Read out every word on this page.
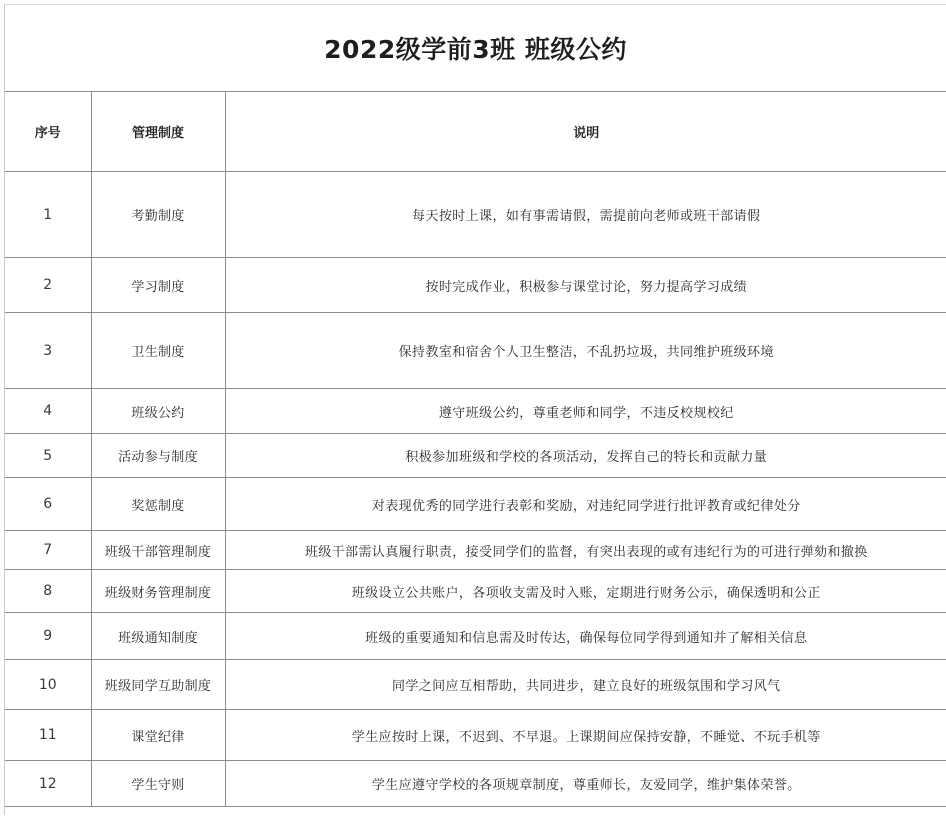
2022级学前3班 班级公约
序号	管理制度	说明
1	考勤制度	每天按时上课，如有事需请假，需提前向老师或班干部请假
2	学习制度	按时完成作业，积极参与课堂讨论，努力提高学习成绩
3	卫生制度	保持教室和宿舍个人卫生整洁，不乱扔垃圾，共同维护班级环境
4	班级公约	遵守班级公约，尊重老师和同学，不违反校规校纪
5	活动参与制度	积极参加班级和学校的各项活动，发挥自己的特长和贡献力量
6	奖惩制度	对表现优秀的同学进行表彰和奖励，对违纪同学进行批评教育或纪律处分
7	班级干部管理制度	班级干部需认真履行职责，接受同学们的监督，有突出表现的或有违纪行为的可进行弹劾和撤换
8	班级财务管理制度	班级设立公共账户，各项收支需及时入账，定期进行财务公示，确保透明和公正
9	班级通知制度	班级的重要通知和信息需及时传达，确保每位同学得到通知并了解相关信息
10	班级同学互助制度	同学之间应互相帮助，共同进步，建立良好的班级氛围和学习风气
11	课堂纪律	学生应按时上课，不迟到、不早退。上课期间应保持安静，不睡觉、不玩手机等
12	学生守则	学生应遵守学校的各项规章制度，尊重师长，友爱同学，维护集体荣誉。
